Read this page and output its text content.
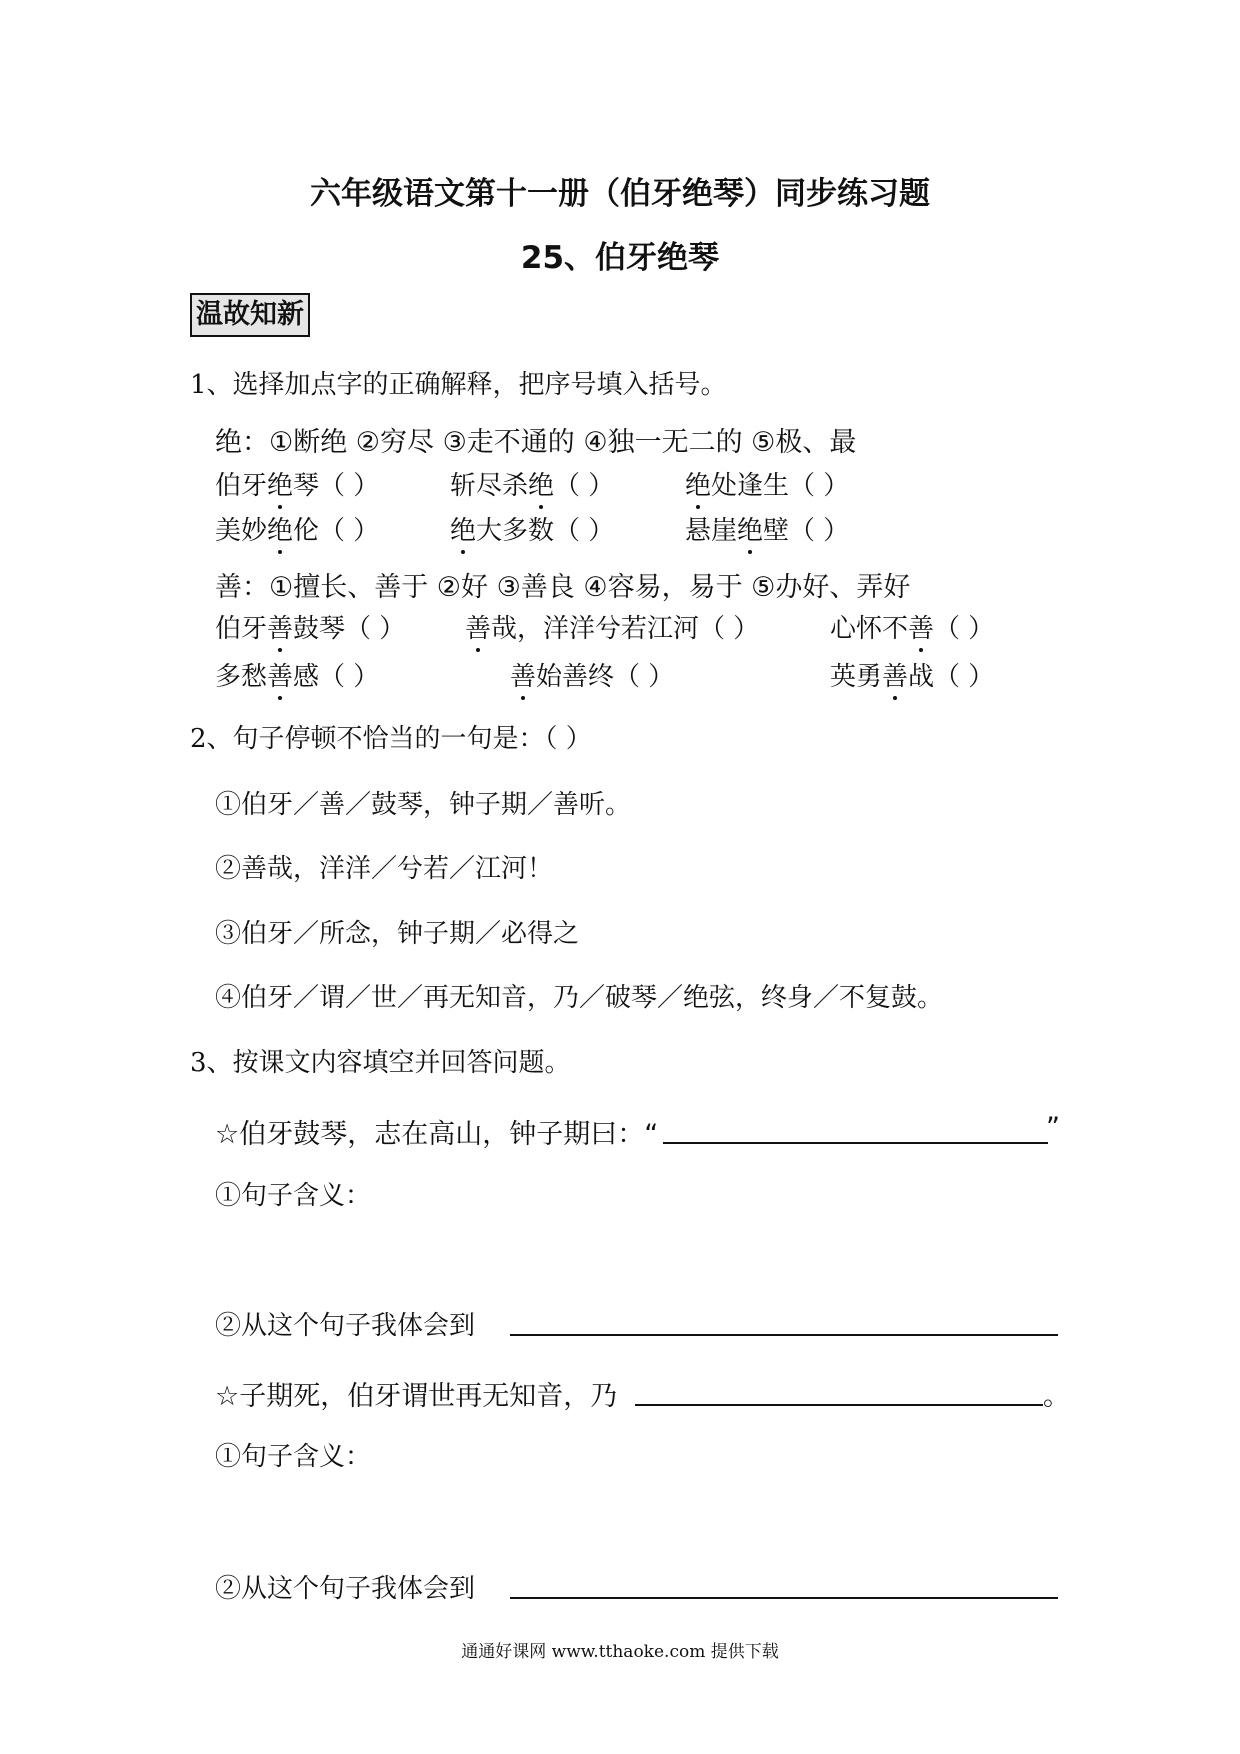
六年级语文第十一册（伯牙绝琴）同步练习题
25、伯牙绝琴
温故知新
1、选择加点字的正确解释，把序号填入括号。
绝：①断绝 ②穷尽 ③走不通的 ④独一无二的 ⑤极、最
伯牙绝琴（ ）	斩尽杀绝（ ）	绝处逢生（ ）
美妙绝伦（ ）	绝大多数（ ）	悬崖绝壁（ ）
善：①擅长、善于 ②好 ③善良 ④容易，易于 ⑤办好、弄好
伯牙善鼓琴（ ） 善哉，洋洋兮若江河（ ）	心怀不善（ ）
多愁善感（ ）	善始善终（ ）	英勇善战（ ）
2、句子停顿不恰当的一句是：（ ）
①伯牙／善／鼓琴，钟子期／善听。
②善哉，洋洋／兮若／江河！
③伯牙／所念，钟子期／必得之
④伯牙／谓／世／再无知音，乃／破琴／绝弦，终身／不复鼓。
3、按课文内容填空并回答问题。
☆伯牙鼓琴，志在高山，钟子期曰：“	”
①句子含义：
②从这个句子我体会到
☆子期死，伯牙谓世再无知音，乃	。
①句子含义：
②从这个句子我体会到
通通好课网 www.tthaoke.com 提供下载
